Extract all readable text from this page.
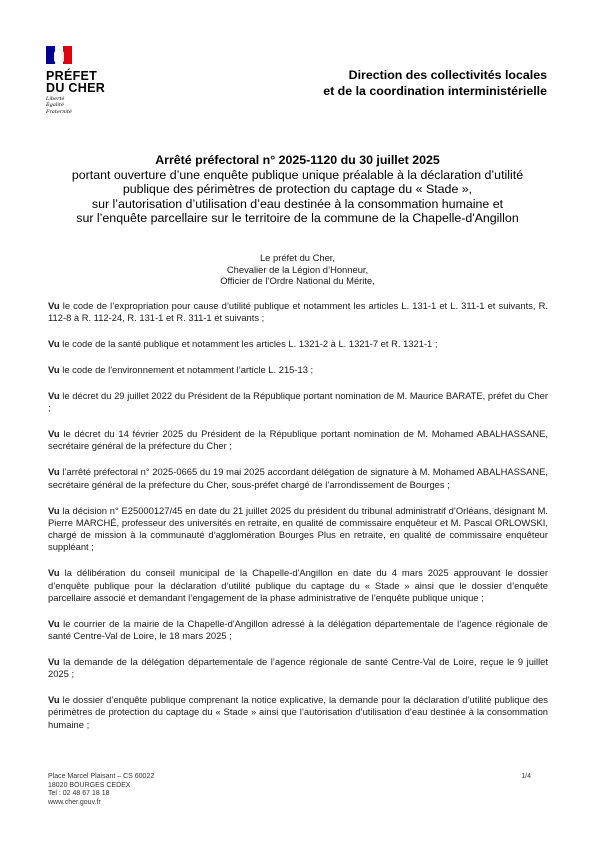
PRÉFET
DU CHER
Liberté
Égalité
Fraternité
Direction des collectivités locales
et de la coordination interministérielle
Arrêté préfectoral n° 2025-1120 du 30 juillet 2025
portant ouverture d’une enquête publique unique préalable à la déclaration d’utilité
publique des périmètres de protection du captage du « Stade »,
sur l’autorisation d’utilisation d’eau destinée à la consommation humaine et
sur l’enquête parcellaire sur le territoire de la commune de la Chapelle-d'Angillon
Le préfet du Cher,
Chevalier de la Légion d’Honneur,
Officier de l’Ordre National du Mérite,

Vu le code de l’expropriation pour cause d’utilité publique et notamment les articles L. 131-1 et L. 311-1 et suivants, R. 112-8 à R. 112-24, R. 131-1 et R. 311-1 et suivants ;

Vu le code de la santé publique et notamment les articles L. 1321-2 à L. 1321-7 et R. 1321-1 ;

Vu le code de l'environnement et notamment l’article L. 215-13 ;

Vu le décret du 29 juillet 2022 du Président de la République portant nomination de M. Maurice BARATE, préfet du Cher ;

Vu le décret du 14 février 2025 du Président de la République portant nomination de M. Mohamed ABALHASSANE, secrétaire général de la préfecture du Cher ;

Vu l’arrêté préfectoral n° 2025-0665 du 19 mai 2025 accordant délégation de signature à M. Mohamed ABALHASSANE, secrétaire général de la préfecture du Cher, sous-préfet chargé de l’arrondissement de Bourges ;

Vu la décision n° E25000127/45 en date du 21 juillet 2025 du président du tribunal administratif d’Orléans, désignant M. Pierre MARCHÉ, professeur des universités en retraite, en qualité de commissaire enquêteur et M. Pascal ORLOWSKI, chargé de mission à la communauté d’agglomération Bourges Plus en retraite, en qualité de commissaire enquêteur suppléant ;

Vu la délibération du conseil municipal de la Chapelle-d'Angillon en date du 4 mars 2025 approuvant le dossier d’enquête publique pour la déclaration d’utilité publique du captage du « Stade » ainsi que le dossier d’enquête parcellaire associé et demandant l’engagement de la phase administrative de l’enquête publique unique ;

Vu le courrier de la mairie de la Chapelle-d'Angillon adressé à la délégation départementale de l’agence régionale de santé Centre-Val de Loire, le 18 mars 2025 ;

Vu la demande de la délégation départementale de l’agence régionale de santé Centre-Val de Loire, reçue le 9 juillet 2025 ;

Vu le dossier d’enquête publique comprenant la notice explicative, la demande pour la déclaration d’utilité publique des périmètres de protection du captage du « Stade » ainsi que l’autorisation d’utilisation d’eau destinée à la consommation humaine ;

Place Marcel Plaisant – CS 60022
18020 BOURGES CEDEX
Tel : 02 48 67 18 18
www.cher.gouv.fr
1/4
